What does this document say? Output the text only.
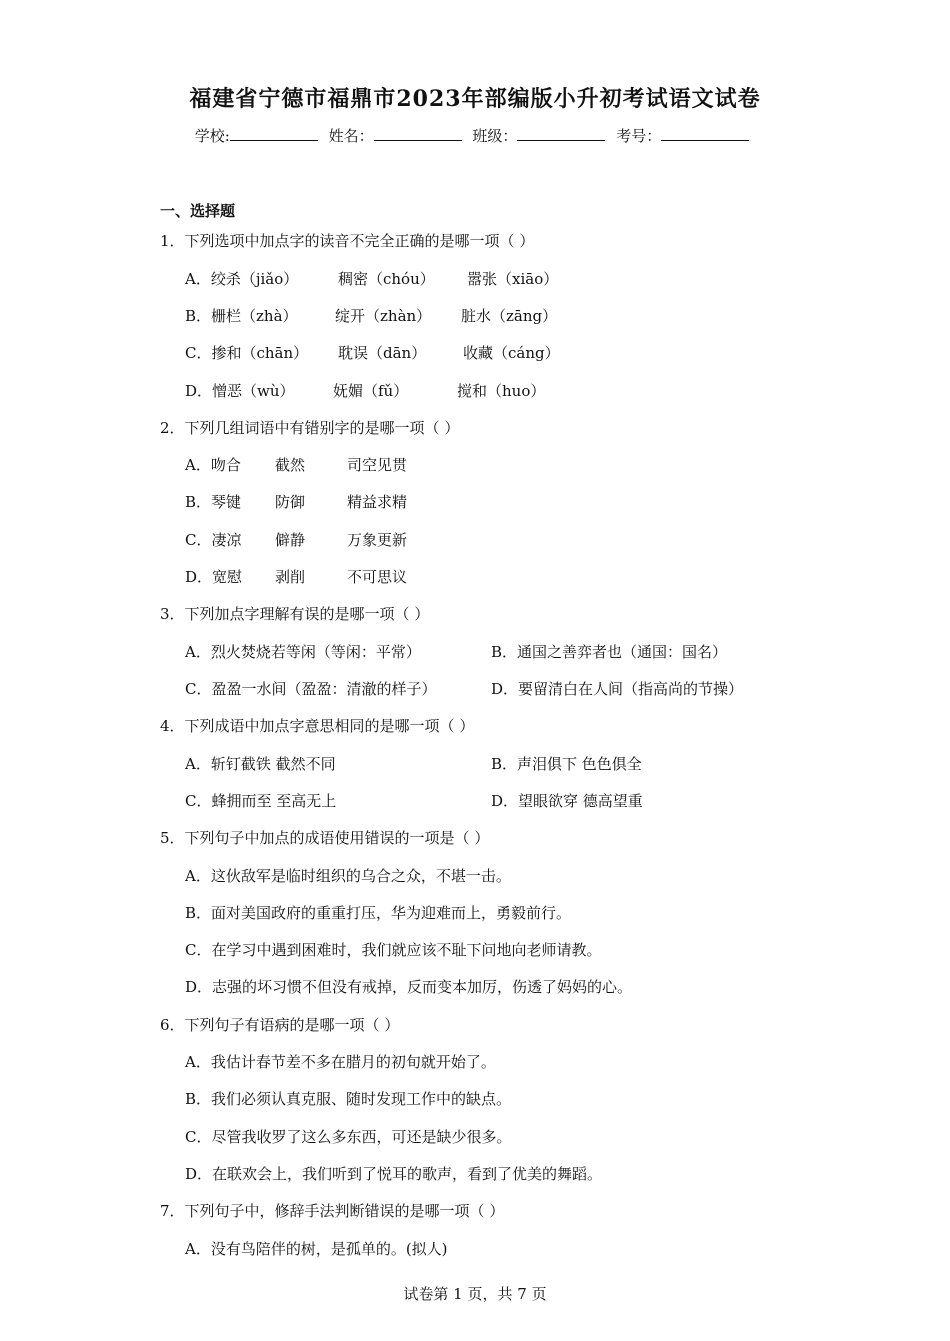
福建省宁德市福鼎市2023年部编版小升初考试语文试卷
学校:	姓名：	班级：	考号：
一、选择题
1．下列选项中加点字的读音不完全正确的是哪一项（ ）
A．绞杀（jiǎo）	稠密（chóu） 嚣张（xiāo）
B．栅栏（zhà） 绽开（zhàn） 脏水（zāng）
C．掺和（chān） 耽误（dān） 收藏（cáng）
D．憎恶（wù）	妩媚（fǔ）	搅和（huo）
2．下列几组词语中有错别字的是哪一项（ ）
A．吻合 截然	司空见贯
B．琴键 防御	精益求精
C．凄凉 僻静	万象更新
D．宽慰 剥削	不可思议
3．下列加点字理解有误的是哪一项（ ）
A．烈火焚烧若等闲（等闲：平常）	B．通国之善弈者也（通国：国名）
C．盈盈一水间（盈盈：清澈的样子）	D．要留清白在人间（指高尚的节操）
4．下列成语中加点字意思相同的是哪一项（ ）
A．斩钉截铁 截然不同	B．声泪俱下 色色俱全
C．蜂拥而至 至高无上	D．望眼欲穿 德高望重
5．下列句子中加点的成语使用错误的一项是（ ）
A．这伙敌军是临时组织的乌合之众，不堪一击。
B．面对美国政府的重重打压，华为迎难而上，勇毅前行。
C．在学习中遇到困难时，我们就应该不耻下问地向老师请教。
D．志强的坏习惯不但没有戒掉，反而变本加厉，伤透了妈妈的心。
6．下列句子有语病的是哪一项（ ）
A．我估计春节差不多在腊月的初旬就开始了。
B．我们必须认真克服、随时发现工作中的缺点。
C．尽管我收罗了这么多东西，可还是缺少很多。
D．在联欢会上，我们听到了悦耳的歌声，看到了优美的舞蹈。
7．下列句子中，修辞手法判断错误的是哪一项（ ）
A．没有鸟陪伴的树，是孤单的。(拟人)
试卷第 1 页，共 7 页
